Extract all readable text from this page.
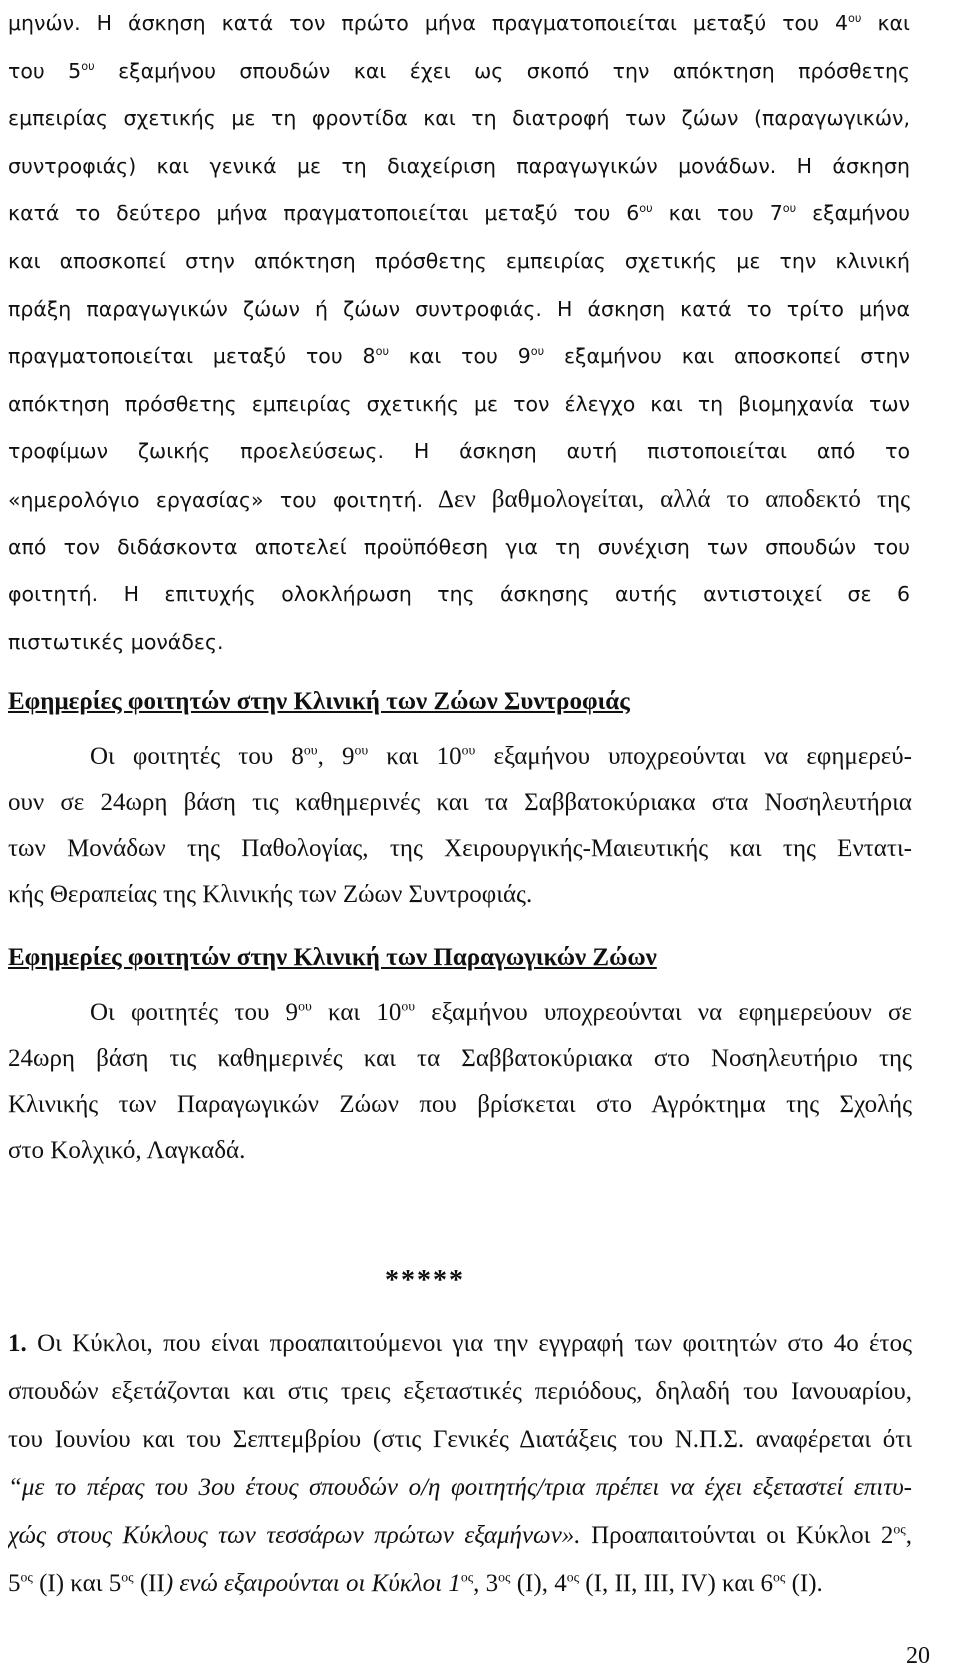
μηνών. Η άσκηση κατά τον πρώτο μήνα πραγματοποιείται μεταξύ του $4^{o\upsilon}$ και
του $5^{o\upsilon}$ εξαμήνου σπουδών και έχει ως σκοπό την απόκτηση πρόσθετης
εμπειρίας σχετικής με τη φροντίδα και τη διατροφή των ζώων (παραγωγικών,
συντροφιάς) και γενικά με τη διαχείριση παραγωγικών μονάδων. Η άσκηση
κατά το δεύτερο μήνα πραγματοποιείται μεταξύ του $6^{o\upsilon}$ και του $7^{o\upsilon}$ εξαμήνου
και αποσκοπεί στην απόκτηση πρόσθετης εμπειρίας σχετικής με την κλινική
πράξη παραγωγικών ζώων ή ζώων συντροφιάς. Η άσκηση κατά το τρίτο μήνα
πραγματοποιείται μεταξύ του $8^{o\upsilon}$ και του $9^{o\upsilon}$ εξαμήνου και αποσκοπεί στην
απόκτηση πρόσθετης εμπειρίας σχετικής με τον έλεγχο και τη βιομηχανία των
τροφίμων ζωικής προελεύσεως. Η άσκηση αυτή πιστοποιείται από το
«ημερολόγιο εργασίας» του φοιτητή. Δεν βαθμολογείται, αλλά το αποδεκτό της
από τον διδάσκοντα αποτελεί προϋπόθεση για τη συνέχιση των σπουδών του
φοιτητή. Η επιτυχής ολοκλήρωση της άσκησης αυτής αντιστοιχεί σε 6
πιστωτικές μονάδες.
Εφημερίες φοιτητών στην Κλινική των Ζώων Συντροφιάς
Οι φοιτητές του $8^{o\upsilon}$, $9^{o\upsilon}$ και $10^{o\upsilon}$ εξαμήνου υποχρεούνται να εφημερεύ-
ουν σε 24ωρη βάση τις καθημερινές και τα Σαββατοκύριακα στα Νοσηλευτήρια
των Μονάδων της Παθολογίας, της Χειρουργικής-Μαιευτικής και της Εντατι-
κής Θεραπείας της Κλινικής των Ζώων Συντροφιάς.
Εφημερίες φοιτητών στην Κλινική των Παραγωγικών Ζώων
Οι φοιτητές του $9^{o\upsilon}$ και $10^{o\upsilon}$ εξαμήνου υποχρεούνται να εφημερεύουν σε
24ωρη βάση τις καθημερινές και τα Σαββατοκύριακα στο Νοσηλευτήριο της
Κλινικής των Παραγωγικών Ζώων που βρίσκεται στο Αγρόκτημα της Σχολής
στο Κολχικό, Λαγκαδά.
*****
1. Οι Κύκλοι, που είναι προαπαιτούμενοι για την εγγραφή των φοιτητών στο 4ο έτος
σπουδών εξετάζονται και στις τρεις εξεταστικές περιόδους, δηλαδή του Ιανουαρίου,
του Ιουνίου και του Σεπτεμβρίου (στις Γενικές Διατάξεις του Ν.Π.Σ. αναφέρεται ότι
“με το πέρας του 3ου έτους σπουδών ο/η φοιτητής/τρια πρέπει να έχει εξεταστεί επιτυ-
χώς στους Κύκλους των τεσσάρων πρώτων εξαμήνων». Προαπαιτούνται οι Κύκλοι $2^{o\varsigma}$,
$5^{o\varsigma}$ (Ι) και $5^{o\varsigma}$ (ΙΙ) ενώ εξαιρούνται οι Κύκλοι $1^{o\varsigma}$, $3^{o\varsigma}$ (Ι), $4^{o\varsigma}$ (Ι, ΙΙ, ΙΙΙ, ΙV) και $6^{o\varsigma}$ (Ι).
20
